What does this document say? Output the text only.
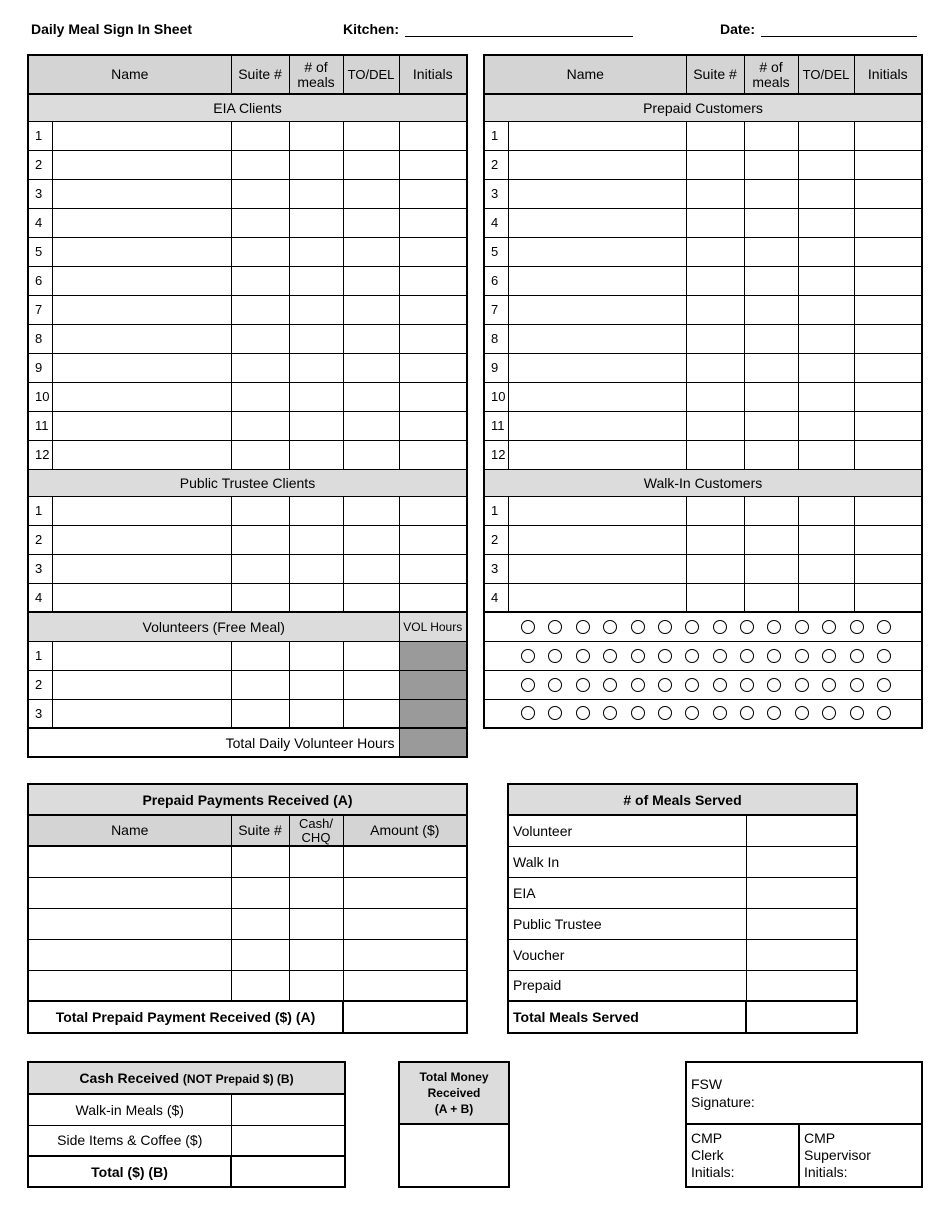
Daily Meal Sign In Sheet	Kitchen:	Date:
Name		Suite #	# of meals	TO/DEL	Initials
EIA Clients					
1					
2					
3					
4					
5					
6					
7					
8					
9					
10					
11					
12					
Public Trustee Clients					
1					
2					
3					
4					
Volunteers (Free Meal)					VOL Hours
1					
2					
3					
Total Daily Volunteer Hours					
Name		Suite #	# of meals	TO/DEL	Initials
Prepaid Customers					
1					
2					
3					
4					
5					
6					
7					
8					
9					
10					
11					
12					
Walk-In Customers					
1					
2					
3					
4					

Prepaid Payments Received (A)			
Name	Suite #	Cash/ CHQ	Amount ($)

Total Prepaid Payment Received ($) (A)			
# of Meals Served	
Volunteer	
Walk In	
EIA	
Public Trustee	
Voucher	
Prepaid	
Total Meals Served	
Cash Received (NOT Prepaid $) (B)	
Walk-in Meals ($)	
Side Items & Coffee ($)	
Total ($) (B)	
Total Money
Received
(A + B)

FSW
Signature:

CMP
Clerk
Initials:

CMP
Supervisor
Initials:
